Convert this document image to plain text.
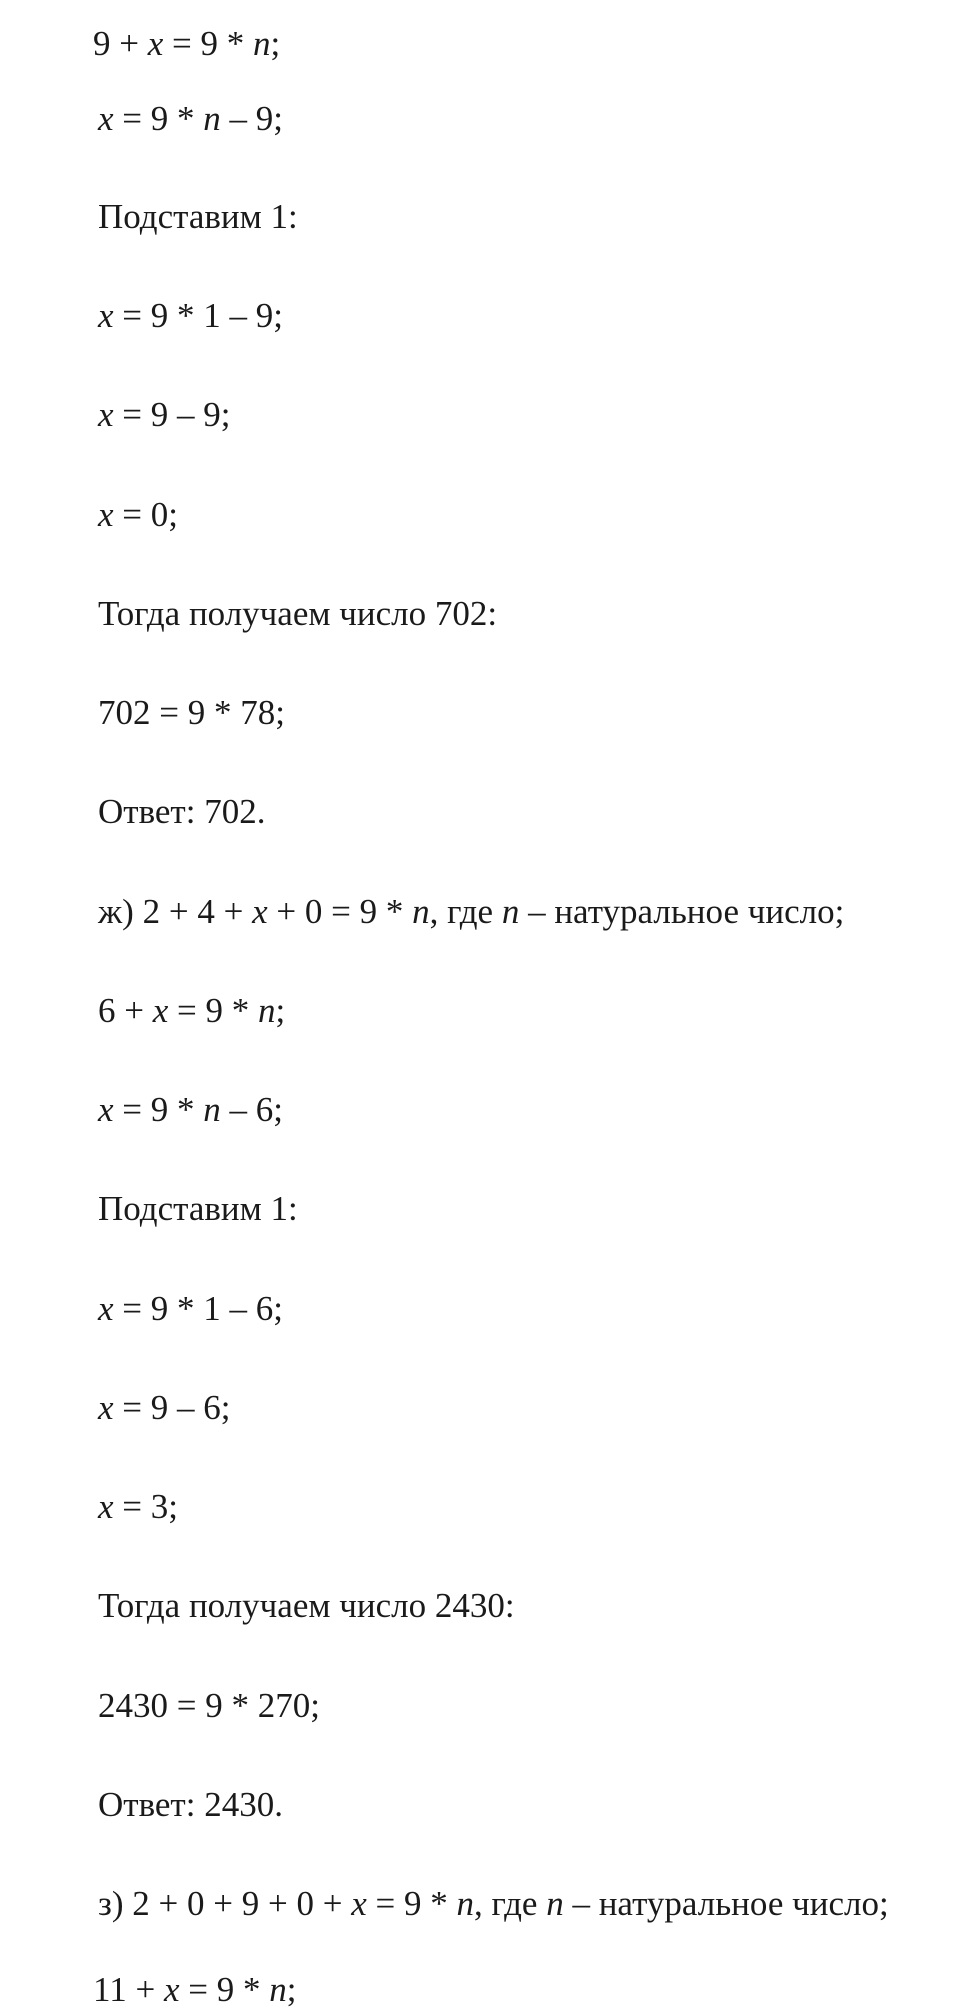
9 + x = 9 * n;
x = 9 * n – 9;
Подставим 1:
x = 9 * 1 – 9;
x = 9 – 9;
x = 0;
Тогда получаем число 702:
702 = 9 * 78;
Ответ: 702.
ж) 2 + 4 + x + 0 = 9 * n, где n – натуральное число;
6 + x = 9 * n;
x = 9 * n – 6;
Подставим 1:
x = 9 * 1 – 6;
x = 9 – 6;
x = 3;
Тогда получаем число 2430:
2430 = 9 * 270;
Ответ: 2430.
з) 2 + 0 + 9 + 0 + x = 9 * n, где n – натуральное число;
11 + x = 9 * n;
